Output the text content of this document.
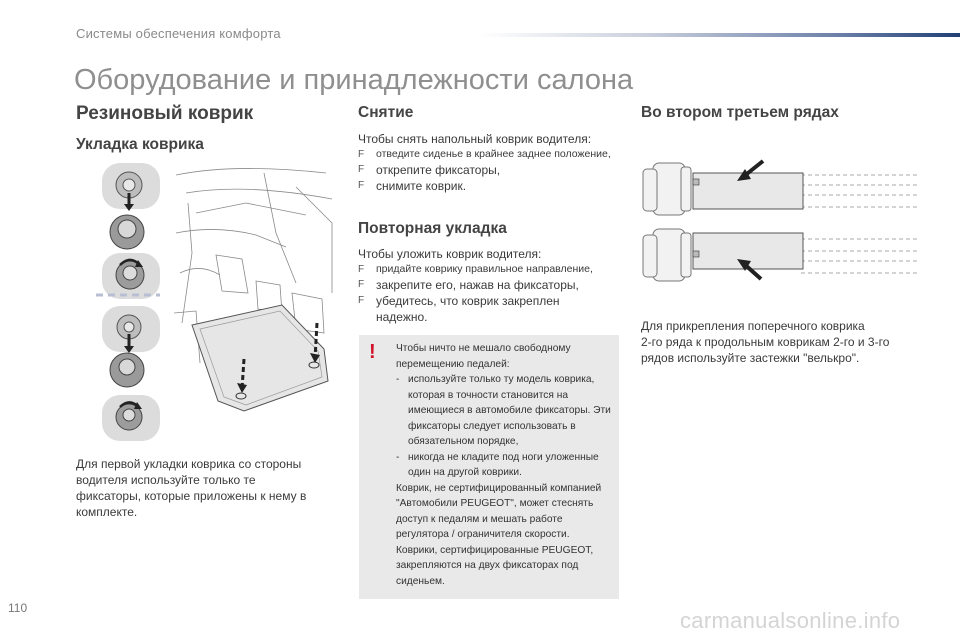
Системы обеспечения комфорта
Оборудование и принадлежности салона
Резиновый коврик
Укладка коврика
Для первой укладки коврика со стороны
водителя используйте только те
фиксаторы, которые приложены к нему в
комплекте.
Снятие
Чтобы снять напольный коврик водителя:
F отведите сиденье в крайнее заднее положение,
F открепите фиксаторы,
F снимите коврик.
Повторная укладка
Чтобы уложить коврик водителя:
F придайте коврику правильное направление,
F закрепите его, нажав на фиксаторы,
F убедитесь, что коврик закреплен надежно.
! Чтобы ничто не мешало свободному
перемещению педалей:
- используйте только ту модель коврика, которая в точности становится на имеющиеся в автомобиле фиксаторы. Эти фиксаторы следует использовать в обязательном порядке,
- никогда не кладите под ноги уложенные один на другой коврики.
Коврик, не сертифицированный компанией "Автомобили PEUGEOT", может стеснять доступ к педалям и мешать работе регулятора / ограничителя скорости.
Коврики, сертифицированные PEUGEOT, закрепляются на двух фиксаторах под сиденьем.
Во втором третьем рядах
Для прикрепления поперечного коврика
2-го ряда к продольным коврикам 2-го и 3-го
рядов используйте застежки "велькро".
110	carmanualsonline.info
